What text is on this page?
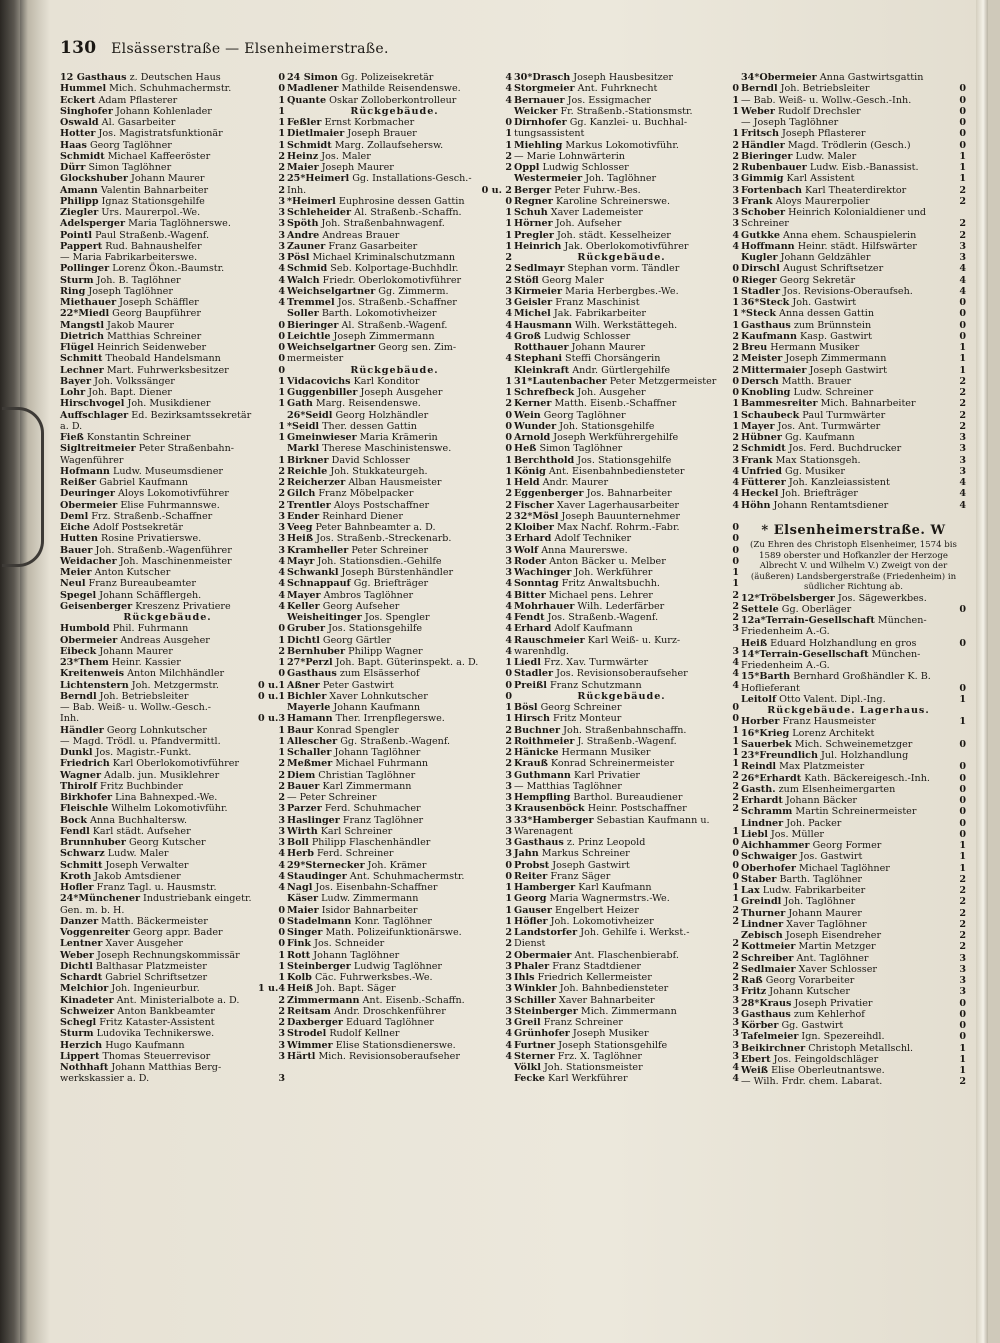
130 Elsässerstraße — Elsenheimerstraße.
12 Gasthaus z. Deutschen Haus	0
Hummel Mich. Schuhmachermstr.	0
Eckert Adam Pflasterer	1
Singhofer Johann Kohlenlader	1
Oswald Al. Gasarbeiter	1
Hotter Jos. Magistratsfunktionär	1
Haas Georg Taglöhner	1
Schmidt Michael Kaffeeröster	2
Dürr Simon Taglöhner	2
Glockshuber Johann Maurer	2
Amann Valentin Bahnarbeiter	2
Philipp Ignaz Stationsgehilfe	3
Ziegler Urs. Maurerpol.-We.	3
Adelsperger Maria Taglöhnerswe.	3
Pointl Paul Straßenb.-Wagenf.	3
Pappert Rud. Bahnaushelfer	3
— Maria Fabrikarbeiterswe.	3
Pollinger Lorenz Ökon.-Baumstr.	4
Sturm Joh. B. Taglöhner	4
Ring Joseph Taglöhner	4
Miethauer Joseph Schäffler	4
22*Miedl Georg Baupführer
Mangstl Jakob Maurer	0
Dietrich Matthias Schreiner	0
Flügel Heinrich Seidenweber	0
Schmitt Theobald Handelsmann	0
Lechner Mart. Fuhrwerksbesitzer	0
Bayer Joh. Volkssänger	1
Lohr Joh. Bapt. Diener	1
Hirschvogel Joh. Musikdiener	1
Auffschlager Ed. Bezirksamtssekretär
a. D.	1
Fieß Konstantin Schreiner	1
Sigltreitmeier Peter Straßenbahn-
Wagenführer	1
Hofmann Ludw. Museumsdiener	2
Reißer Gabriel Kaufmann	2
Deuringer Aloys Lokomotivführer	2
Obermeier Elise Fuhrmannswe.	2
Deml Frz. Straßenb.-Schaffner	3
Eiche Adolf Postsekretär	3
Hutten Rosine Privatierswe.	3
Bauer Joh. Straßenb.-Wagenführer	3
Weidacher Joh. Maschinenmeister	4
Meier Anton Kutscher	4
Neul Franz Bureaubeamter	4
Spegel Johann Schäfflergeh.	4
Geisenberger Kreszenz Privatiere	4
Rückgebäude.
Humbold Phil. Fuhrmann	0
Obermeier Andreas Ausgeher	1
Eibeck Johann Maurer	2
23*Them Heinr. Kassier	1
Kreitenweis Anton Milchhändler	0
Lichtenstern Joh. Metzgermstr.	0 u.1
Berndl Joh. Betriebsleiter	0 u.1
— Bab. Weiß- u. Wollw.-Gesch.-
Inh.	0 u.3
Händler Georg Lohnkutscher	1
— Magd. Trödl. u. Pfandvermittl.	1
Dunkl Jos. Magistr.-Funkt.	1
Friedrich Karl Oberlokomotivführer	2
Wagner Adalb. jun. Musiklehrer	2
Thirolf Fritz Buchbinder	2
Birkhofer Lina Bahnexped.-We.	2
Fleischle Wilhelm Lokomotivführ.	3
Bock Anna Buchhaltersw.	3
Fendl Karl städt. Aufseher	3
Brunnhuber Georg Kutscher	3
Schwarz Ludw. Maler	4
Schmitt Joseph Verwalter	4
Kroth Jakob Amtsdiener	4
Hofler Franz Tagl. u. Hausmstr.	4
24*Münchener Industriebank eingetr.
Gen. m. b. H.	0
Danzer Matth. Bäckermeister	0
Voggenreiter Georg appr. Bader	0
Lentner Xaver Ausgeher	0
Weber Joseph Rechnungskommissär	1
Dichtl Balthasar Platzmeister	1
Schardt Gabriel Schriftsetzer	1
Melchior Joh. Ingenieurbur.	1 u.4
Kinadeter Ant. Ministerialbote a. D.	2
Schweizer Anton Bankbeamter	2
Schegl Fritz Kataster-Assistent	2
Sturm Ludovika Technikerswe.	3
Herzich Hugo Kaufmann	3
Lippert Thomas Steuerrevisor	3
Nothhaft Johann Matthias Berg-
werkskassier a. D.	3
24 Simon Gg. Polizeisekretär	4
Madlener Mathilde Reisendenswe.	4
Quante Oskar Zolloberkontrolleur	4
Rückgebäude.
Feßler Ernst Korbmacher	0
Dietlmaier Joseph Brauer	1
Schmidt Marg. Zollaufsehersw.	1
Heinz Jos. Maler	2
Maier Joseph Maurer	2
25*Heimerl Gg. Installations-Gesch.-
Inh.	0 u. 2
*Heimerl Euphrosine dessen Gattin	0
Schleheider Al. Straßenb.-Schaffn.	1
Spöth Joh. Straßenbahnwagenf.	1
Andre Andreas Brauer	1
Zauner Franz Gasarbeiter	1
Pösl Michael Kriminalschutzmann	2
Schmid Seb. Kolportage-Buchhdlr.	2
Walch Friedr. Oberlokomotivführer	2
Weichselgartner Gg. Zimmerm.	3
Tremmel Jos. Straßenb.-Schaffner	3
Soller Barth. Lokomotivheizer	4
Bieringer Al. Straßenb.-Wagenf.	4
Leichtle Joseph Zimmermann	4
Weichselgartner Georg sen. Zim-
mermeister	4
Rückgebäude.
Vidacovichs Karl Konditor	1
Guggenbiller Joseph Ausgeher	1
Gath Marg. Reisendenswe.	2
26*Seidl Georg Holzhändler	0
*Seidl Ther. dessen Gattin	0
Gmeinwieser Maria Krämerin	0
Markl Therese Maschinistenswe.	0
Birkner David Schlosser	1
Reichle Joh. Stukkateurgeh.	1
Reicherzer Alban Hausmeister	1
Gilch Franz Möbelpacker	2
Trentler Aloys Postschaffner	2
Ender Reinhard Diener	2
Veeg Peter Bahnbeamter a. D.	2
Heiß Jos. Straßenb.-Streckenarb.	3
Kramheller Peter Schreiner	3
Mayr Joh. Stationsdien.-Gehilfe	3
Schwankl Joseph Bürstenhändler	3
Schnappauf Gg. Briefträger	4
Mayer Ambros Taglöhner	4
Keller Georg Aufseher	4
Weisheitinger Jos. Spengler	4
Gruber Jos. Stationsgehilfe	4
Dichtl Georg Gärtler	4
Bernhuber Philipp Wagner	4
27*Perzl Joh. Bapt. Güterinspekt. a. D.	1
Gasthaus zum Elsässerhof	0
Aßner Peter Gastwirt	0
Bichler Xaver Lohnkutscher	0
Mayerle Johann Kaufmann	1
Hamann Ther. Irrenpflegerswe.	1
Baur Konrad Spengler	2
Allescher Gg. Straßenb.-Wagenf.	2
Schaller Johann Taglöhner	2
Meßmer Michael Fuhrmann	2
Diem Christian Taglöhner	3
Bauer Karl Zimmermann	3
— Peter Schreiner	3
Parzer Ferd. Schuhmacher	3
Haslinger Franz Taglöhner	3
Wirth Karl Schreiner	3
Boll Philipp Flaschenhändler	3
Herb Ferd. Schreiner	3
29*Sternecker Joh. Krämer	0
Staudinger Ant. Schuhmachermstr.	0
Nagl Jos. Eisenbahn-Schaffner	1
Käser Ludw. Zimmermann	1
Maier Isidor Bahnarbeiter	1
Stadelmann Konr. Taglöhner	1
Singer Math. Polizeifunktionärswe.	2
Fink Jos. Schneider	2
Rott Johann Taglöhner	2
Steinberger Ludwig Taglöhner	3
Kolb Cäc. Fuhrwerksbes.-We.	3
Heiß Joh. Bapt. Säger	3
Zimmermann Ant. Eisenb.-Schaffn.	3
Reitsam Andr. Droschkenführer	3
Daxberger Eduard Taglöhner	3
Strodel Rudolf Kellner	4
Wimmer Elise Stationsdienerswe.	4
Härtl Mich. Revisionsoberaufseher	4
30*Drasch Joseph Hausbesitzer
Storgmeier Ant. Fuhrknecht	0
Bernauer Jos. Essigmacher	1
Weicker Fr. Straßenb.-Stationsmstr.	1
Dirnhofer Gg. Kanzlei- u. Buchhal-
tungsassistent	1
Miehling Markus Lokomotivführ.	2
— Marie Lohnwärterin	2
Oppl Ludwig Schlosser	2
Westermeier Joh. Taglöhner	3
Berger Peter Fuhrw.-Bes.	3
Regner Karoline Schreinerswe.	3
Schuh Xaver Lademeister	3
Hörner Joh. Aufseher	3
Pregler Joh. städt. Kesselheizer	4
Heinrich Jak. Oberlokomotivführer	4
Rückgebäude.
Sedlmayr Stephan vorm. Tändler	0
Stöfl Georg Maler	0
Kirmeier Maria Herbergbes.-We.	1
Geisler Franz Maschinist	1
Michel Jak. Fabrikarbeiter	1
Hausmann Wilh. Werkstättegeh.	1
Groß Ludwig Schlosser	2
Rotthauer Johann Maurer	2
Stephani Steffi Chorsängerin	2
Kleinkraft Andr. Gürtlergehilfe	2
31*Lautenbacher Peter Metzgermeister 0
Schrefbeck Joh. Ausgeher	0
Kerner Matth. Eisenb.-Schaffner	1
Wein Georg Taglöhner	1
Wunder Joh. Stationsgehilfe	1
Arnold Joseph Werkführergehilfe	2
Heß Simon Taglöhner	2
Berchthold Jos. Stationsgehilfe	3
König Ant. Eisenbahnbediensteter	4
Held Andr. Maurer	4
Eggenberger Jos. Bahnarbeiter	4
Fischer Xaver Lagerhausarbeiter	4
32*Mösl Joseph Bauunternehmer
Kloiber Max Nachf. Rohrm.-Fabr.	0
Erhard Adolf Techniker	0
Wolf Anna Maurerswe.	0
Roder Anton Bäcker u. Melber	0
Wachinger Joh. Werkführer	1
Sonntag Fritz Anwaltsbuchh.	1
Bitter Michael pens. Lehrer	2
Mohrhauer Wilh. Lederfärber	2
Fendt Jos. Straßenb.-Wagenf.	2
Erhard Adolf Kaufmann	3
Rauschmeier Karl Weiß- u. Kurz-
warenhdlg.	3
Liedl Frz. Xav. Turmwärter	4
Stadler Jos. Revisionsoberaufseher	4
Preißl Franz Schutzmann	4
Rückgebäude.
Bösl Georg Schreiner	0
Hirsch Fritz Monteur	0
Buchner Joh. Straßenbahnschaffn.	1
Roithmeier J. Straßenb.-Wagenf.	1
Hänicke Hermann Musiker	1
Krauß Konrad Schreinermeister	1
Guthmann Karl Privatier	2
— Matthias Taglöhner	2
Hempfling Barthol. Bureaudiener	2
Krausenböck Heinr. Postschaffner	2
33*Hamberger Sebastian Kaufmann u.
Warenagent	1
Gasthaus z. Prinz Leopold	0
Jahn Markus Schreiner	0
Probst Joseph Gastwirt	0
Reiter Franz Säger	0
Hamberger Karl Kaufmann	1
Georg Maria Wagnermstrs.-We.	1
Gauser Engelbert Heizer	2
Höfler Joh. Lokomotivheizer	2
Landstorfer Joh. Gehilfe i. Werkst.-
Dienst	2
Obermaier Ant. Flaschenbierabf.	2
Phaler Franz Stadtdiener	2
Ihls Friedrich Kellermeister	2
Winkler Joh. Bahnbediensteter	3
Schiller Xaver Bahnarbeiter	3
Steinberger Mich. Zimmermann	3
Greil Franz Schreiner	3
Grünhofer Joseph Musiker	3
Furtner Joseph Stationsgehilfe	3
Sterner Frz. X. Taglöhner	3
Völkl Joh. Stationsmeister	4
Fecke Karl Werkführer	4
34*Obermeier Anna Gastwirtsgattin
Berndl Joh. Betriebsleiter	0
— Bab. Weiß- u. Wollw.-Gesch.-Inh.	0
Weber Rudolf Drechsler	0
— Joseph Taglöhner	0
Fritsch Joseph Pflasterer	0
Händler Magd. Trödlerin (Gesch.)	0
Bieringer Ludw. Maler	1
Rubenbauer Ludw. Eisb.-Banassist.	1
Gimmig Karl Assistent	1
Fortenbach Karl Theaterdirektor	2
Frank Aloys Maurerpolier	2
Schober Heinrich Kolonialdiener und
Schreiner	2
Gutkke Anna ehem. Schauspielerin	2
Hoffmann Heinr. städt. Hilfswärter	3
Kugler Johann Geldzähler	3
Dirschl August Schriftsetzer	4
Rieger Georg Sekretär	4
Stadler Jos. Revisions-Oberaufseh.	4
36*Steck Joh. Gastwirt	0
*Steck Anna dessen Gattin	0
Gasthaus zum Brünnstein	0
Kaufmann Kasp. Gastwirt	0
Breu Hermann Musiker	1
Meister Joseph Zimmermann	1
Mittermaier Joseph Gastwirt	1
Dersch Matth. Brauer	2
Knobling Ludw. Schreiner	2
Bammesreiter Mich. Bahnarbeiter	2
Schaubeck Paul Turmwärter	2
Mayer Jos. Ant. Turmwärter	2
Hübner Gg. Kaufmann	3
Schmidt Jos. Ferd. Buchdrucker	3
Frank Max Stationsgeh.	3
Unfried Gg. Musiker	3
Fütterer Joh. Kanzleiassistent	4
Heckel Joh. Briefträger	4
Höhn Johann Rentamtsdiener	4
* Elsenheimerstraße. W
(Zu Ehren des Christoph Elsenheimer, 1574 bis 1589 oberster und Hofkanzler der Herzoge Albrecht V. und Wilhelm V.) Zweigt von der (äußeren) Landsbergerstraße (Friedenheim) in südlicher Richtung ab.
12*Tröbelsberger Jos. Sägewerkbes.
Settele Gg. Oberläger	0
12a*Terrain-Gesellschaft München-
Friedenheim A.-G.
Heiß Eduard Holzhandlung en gros	0
14*Terrain-Gesellschaft München-
Friedenheim A.-G.
15*Barth Bernhard Großhändler K. B.
Hoflieferant	0
Leitolf Otto Valent. Dipl.-Ing.	1
Rückgebäude. Lagerhaus.
Horber Franz Hausmeister	1
16*Krieg Lorenz Architekt
Sauerbek Mich. Schweinemetzger	0
23*Freundlich Jul. Holzhandlung
Reindl Max Platzmeister	0
26*Erhardt Kath. Bäckereigesch.-Inh.	0
Gasth. zum Elsenheimergarten	0
Erhardt Johann Bäcker	0
Schramm Martin Schreinermeister	0
Lindner Joh. Packer	0
Liebl Jos. Müller	0
Aichhammer Georg Former	1
Schwaiger Jos. Gastwirt	1
Oberhofer Michael Taglöhner	1
Staber Barth. Taglöhner	2
Lax Ludw. Fabrikarbeiter	2
Greindl Joh. Taglöhner	2
Thurner Johann Maurer	2
Lindner Xaver Taglöhner	2
Zebisch Joseph Eisendreher	2
Kottmeier Martin Metzger	2
Schreiber Ant. Taglöhner	3
Sedlmaier Xaver Schlosser	3
Raß Georg Vorarbeiter	3
Fritz Johann Kutscher	3
28*Kraus Joseph Privatier	0
Gasthaus zum Kehlerhof	0
Körber Gg. Gastwirt	0
Tafelmeier Ign. Spezereihdl.	0
Beikirchner Christoph Metallschl.	1
Ebert Jos. Feingoldschläger	1
Weiß Elise Oberleutnantswe.	1
— Wilh. Frdr. chem. Labarat.	2
